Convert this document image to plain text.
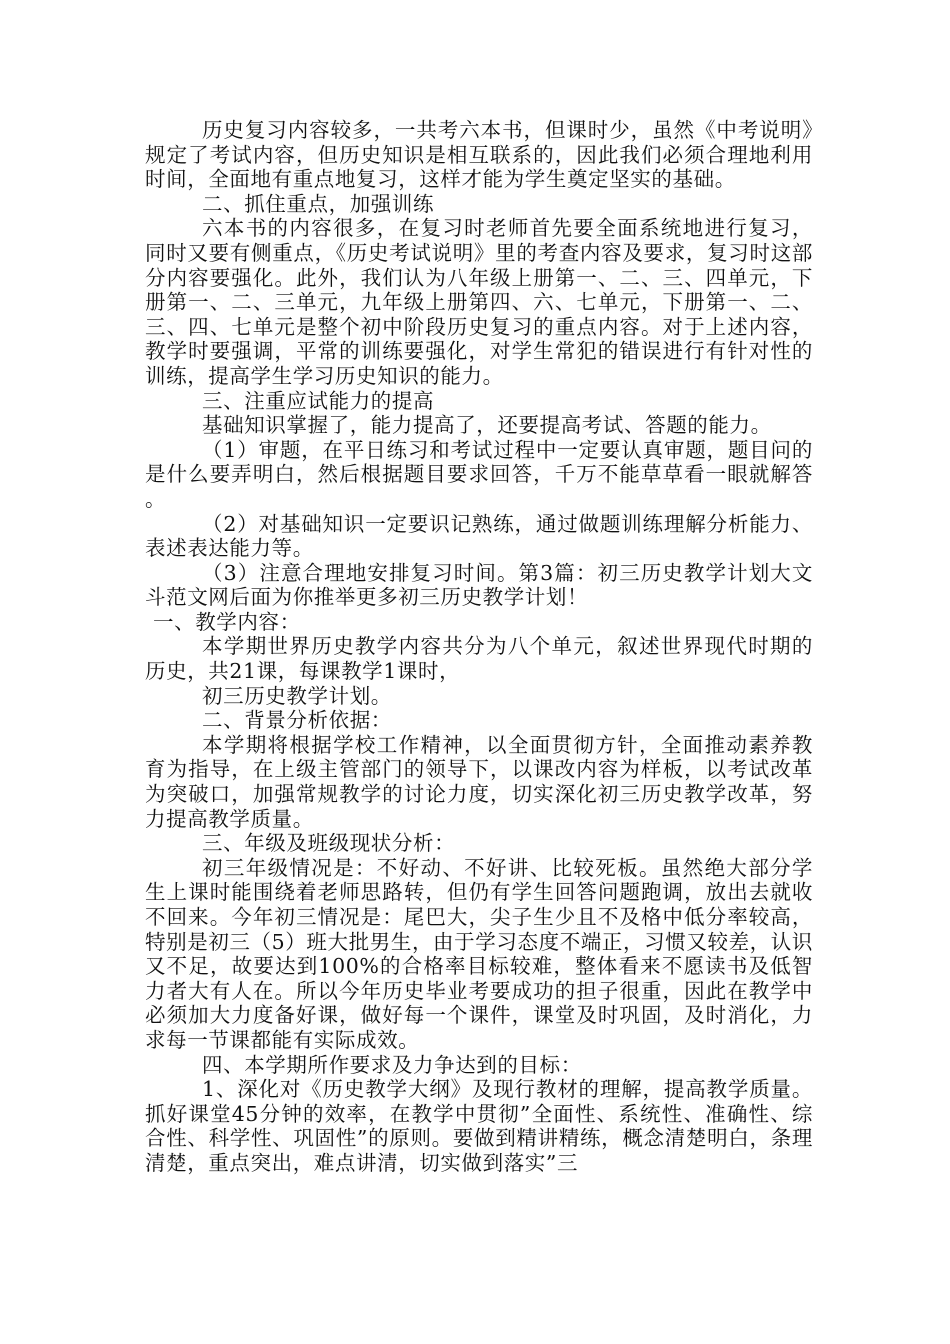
历史复习内容较多，一共考六本书，但课时少，虽然《中考说明》规定了考试内容，但历史知识是相互联系的，因此我们必须合理地利用时间，全面地有重点地复习，这样才能为学生奠定坚实的基础。

二、抓住重点，加强训练

六本书的内容很多，在复习时老师首先要全面系统地进行复习，同时又要有侧重点，《历史考试说明》里的考查内容及要求，复习时这部分内容要强化。此外，我们认为八年级上册第一、二、三、四单元，下册第一、二、三单元，九年级上册第四、六、七单元，下册第一、二、三、四、七单元是整个初中阶段历史复习的重点内容。对于上述内容，教学时要强调，平常的训练要强化，对学生常犯的错误进行有针对性的训练，提高学生学习历史知识的能力。

三、注重应试能力的提高

基础知识掌握了，能力提高了，还要提高考试、答题的能力。

（1）审题，在平日练习和考试过程中一定要认真审题，题目问的是什么要弄明白，然后根据题目要求回答，千万不能草草看一眼就解答。

（2）对基础知识一定要识记熟练，通过做题训练理解分析能力、表述表达能力等。

（3）注意合理地安排复习时间。第3篇：初三历史教学计划大文斗范文网后面为你推举更多初三历史教学计划！

一、教学内容：

本学期世界历史教学内容共分为八个单元，叙述世界现代时期的历史，共21课，每课教学1课时，

初三历史教学计划。

二、背景分析依据：

本学期将根据学校工作精神，以全面贯彻方针，全面推动素养教育为指导，在上级主管部门的领导下，以课改内容为样板，以考试改革为突破口，加强常规教学的讨论力度，切实深化初三历史教学改革，努力提高教学质量。

三、年级及班级现状分析：

初三年级情况是：不好动、不好讲、比较死板。虽然绝大部分学生上课时能围绕着老师思路转，但仍有学生回答问题跑调，放出去就收不回来。今年初三情况是：尾巴大，尖子生少且不及格中低分率较高，特别是初三（5）班大批男生，由于学习态度不端正，习惯又较差，认识又不足，故要达到100%的合格率目标较难，整体看来不愿读书及低智力者大有人在。所以今年历史毕业考要成功的担子很重，因此在教学中必须加大力度备好课，做好每一个课件，课堂及时巩固，及时消化，力求每一节课都能有实际成效。

四、本学期所作要求及力争达到的目标：

1、深化对《历史教学大纲》及现行教材的理解，提高教学质量。抓好课堂45分钟的效率，在教学中贯彻”全面性、系统性、准确性、综合性、科学性、巩固性”的原则。要做到精讲精练，概念清楚明白，条理清楚，重点突出，难点讲清，切实做到落实”三
